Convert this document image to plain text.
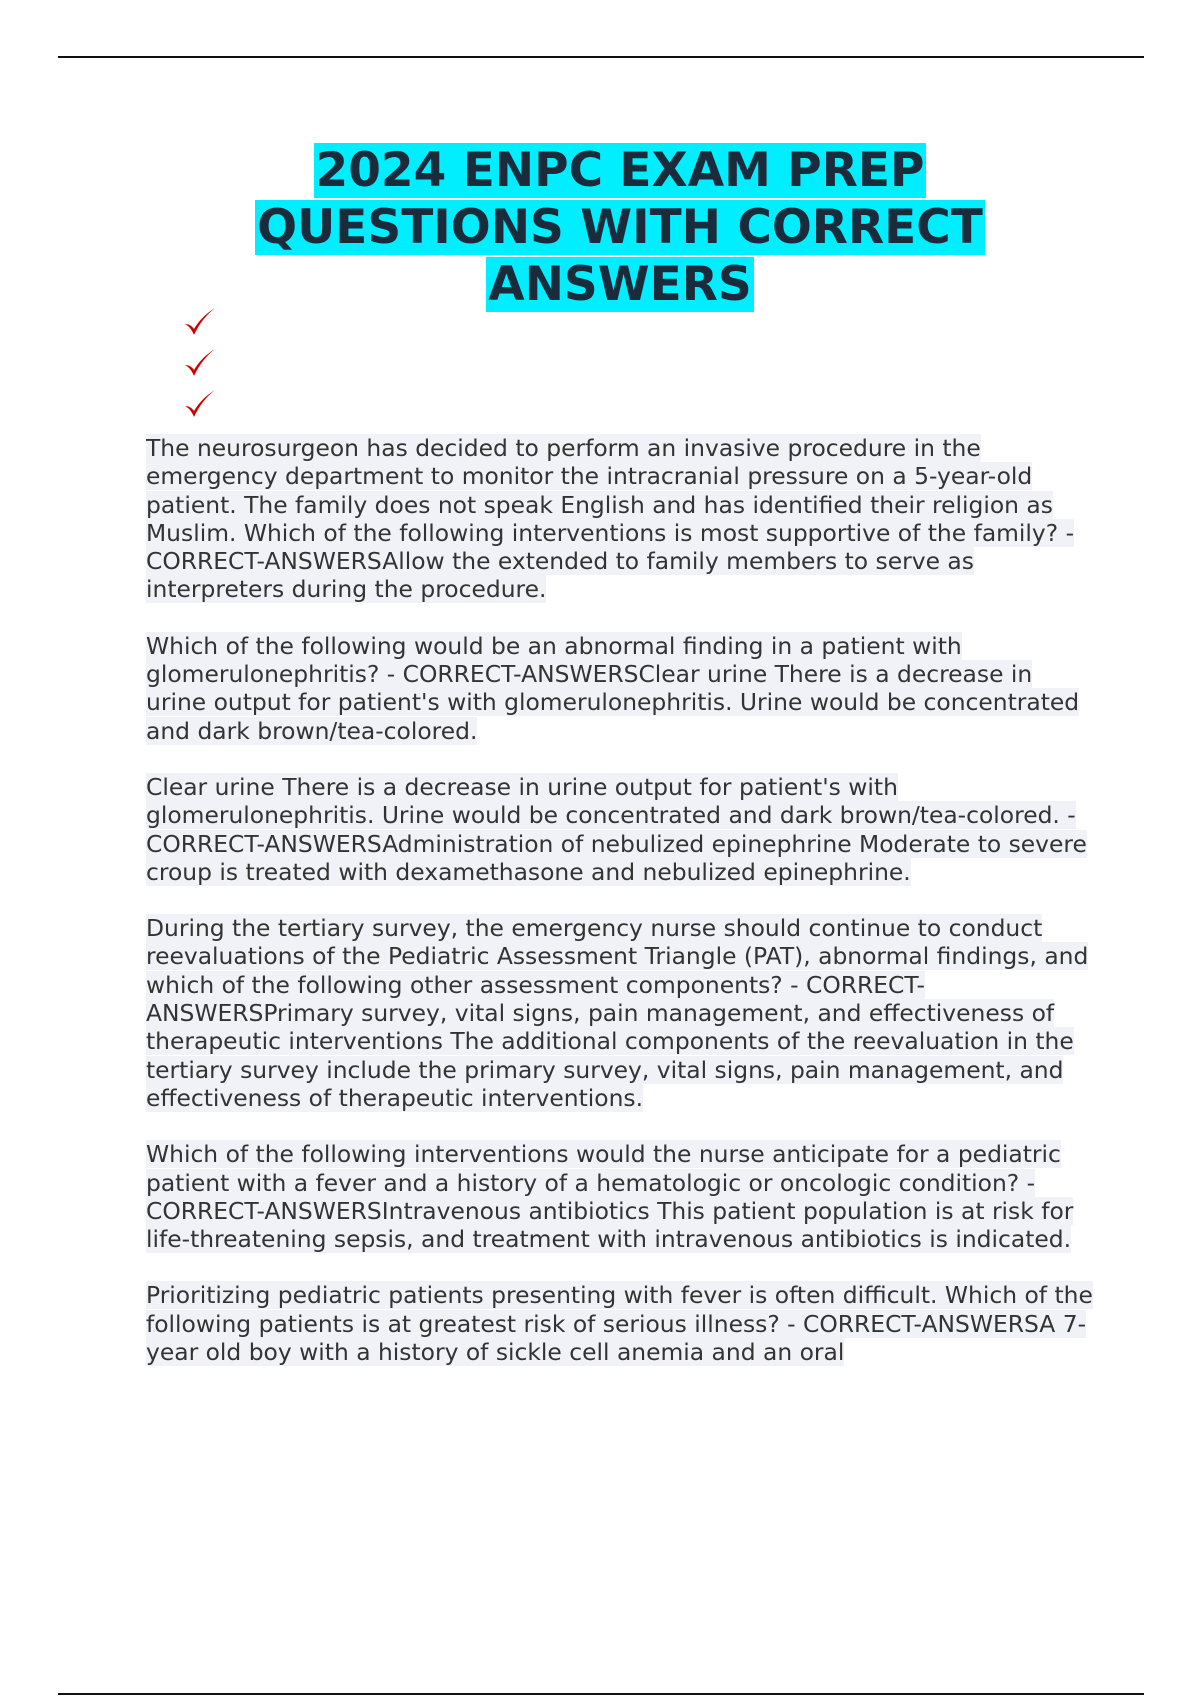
2024 ENPC EXAM PREP
QUESTIONS WITH CORRECT
ANSWERS

The neurosurgeon has decided to perform an invasive procedure in the emergency department to monitor the intracranial pressure on a 5-year-old patient. The family does not speak English and has identified their religion as Muslim. Which of the following interventions is most supportive of the family? - CORRECT-ANSWERSAllow the extended to family members to serve as interpreters during the procedure.

Which of the following would be an abnormal finding in a patient with glomerulonephritis? - CORRECT-ANSWERSClear urine There is a decrease in urine output for patient's with glomerulonephritis. Urine would be concentrated and dark brown/tea-colored.

Clear urine There is a decrease in urine output for patient's with glomerulonephritis. Urine would be concentrated and dark brown/tea-colored. - CORRECT-ANSWERSAdministration of nebulized epinephrine Moderate to severe croup is treated with dexamethasone and nebulized epinephrine.

During the tertiary survey, the emergency nurse should continue to conduct reevaluations of the Pediatric Assessment Triangle (PAT), abnormal findings, and which of the following other assessment components? - CORRECT-ANSWERSPrimary survey, vital signs, pain management, and effectiveness of therapeutic interventions The additional components of the reevaluation in the tertiary survey include the primary survey, vital signs, pain management, and effectiveness of therapeutic interventions.

Which of the following interventions would the nurse anticipate for a pediatric patient with a fever and a history of a hematologic or oncologic condition? - CORRECT-ANSWERSIntravenous antibiotics This patient population is at risk for life-threatening sepsis, and treatment with intravenous antibiotics is indicated.

Prioritizing pediatric patients presenting with fever is often difficult. Which of the following patients is at greatest risk of serious illness? - CORRECT-ANSWERSA 7-year old boy with a history of sickle cell anemia and an oral
